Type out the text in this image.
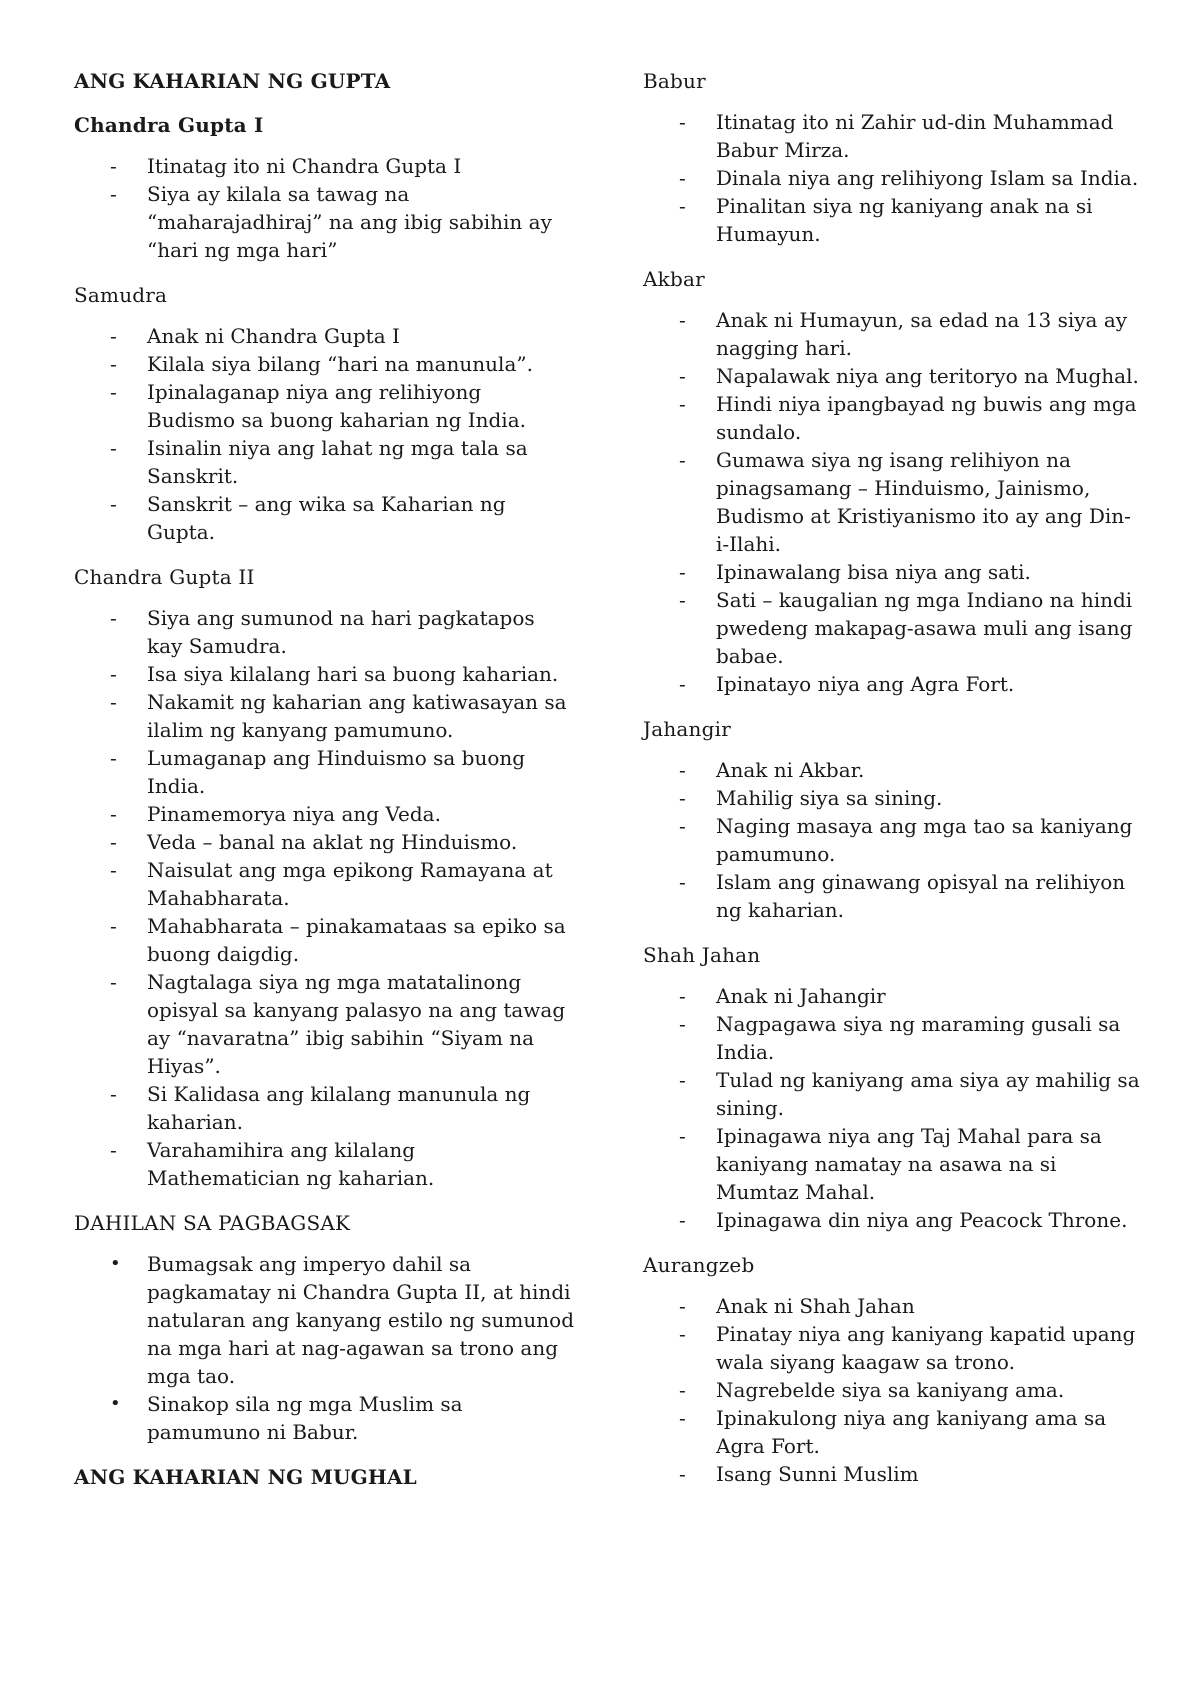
ANG KAHARIAN NG GUPTA
Chandra Gupta I
-	Itinatag ito ni Chandra Gupta I
-	Siya ay kilala sa tawag na “maharajadhiraj” na ang ibig sabihin ay “hari ng mga hari”
Samudra
-	Anak ni Chandra Gupta I
-	Kilala siya bilang “hari na manunula”.
-	Ipinalaganap niya ang relihiyong Budismo sa buong kaharian ng India.
-	Isinalin niya ang lahat ng mga tala sa Sanskrit.
-	Sanskrit – ang wika sa Kaharian ng Gupta.
Chandra Gupta II
-	Siya ang sumunod na hari pagkatapos kay Samudra.
-	Isa siya kilalang hari sa buong kaharian.
-	Nakamit ng kaharian ang katiwasayan sa ilalim ng kanyang pamumuno.
-	Lumaganap ang Hinduismo sa buong India.
-	Pinamemorya niya ang Veda.
-	Veda – banal na aklat ng Hinduismo.
-	Naisulat ang mga epikong Ramayana at Mahabharata.
-	Mahabharata – pinakamataas sa epiko sa buong daigdig.
-	Nagtalaga siya ng mga matatalinong opisyal sa kanyang palasyo na ang tawag ay “navaratna” ibig sabihin “Siyam na Hiyas”.
-	Si Kalidasa ang kilalang manunula ng kaharian.
-	Varahamihira ang kilalang Mathematician ng kaharian.
DAHILAN SA PAGBAGSAK
•	Bumagsak ang imperyo dahil sa pagkamatay ni Chandra Gupta II, at hindi natularan ang kanyang estilo ng sumunod na mga hari at nag-agawan sa trono ang mga tao.
•	Sinakop sila ng mga Muslim sa pamumuno ni Babur.
ANG KAHARIAN NG MUGHAL
Babur
-	Itinatag ito ni Zahir ud-din Muhammad Babur Mirza.
-	Dinala niya ang relihiyong Islam sa India.
-	Pinalitan siya ng kaniyang anak na si Humayun.
Akbar
-	Anak ni Humayun, sa edad na 13 siya ay nagging hari.
-	Napalawak niya ang teritoryo na Mughal.
-	Hindi niya ipangbayad ng buwis ang mga sundalo.
-	Gumawa siya ng isang relihiyon na pinagsamang – Hinduismo, Jainismo, Budismo at Kristiyanismo ito ay ang Din-i-Ilahi.
-	Ipinawalang bisa niya ang sati.
-	Sati – kaugalian ng mga Indiano na hindi pwedeng makapag-asawa muli ang isang babae.
-	Ipinatayo niya ang Agra Fort.
Jahangir
-	Anak ni Akbar.
-	Mahilig siya sa sining.
-	Naging masaya ang mga tao sa kaniyang pamumuno.
-	Islam ang ginawang opisyal na relihiyon ng kaharian.
Shah Jahan
-	Anak ni Jahangir
-	Nagpagawa siya ng maraming gusali sa India.
-	Tulad ng kaniyang ama siya ay mahilig sa sining.
-	Ipinagawa niya ang Taj Mahal para sa kaniyang namatay na asawa na si Mumtaz Mahal.
-	Ipinagawa din niya ang Peacock Throne.
Aurangzeb
-	Anak ni Shah Jahan
-	Pinatay niya ang kaniyang kapatid upang wala siyang kaagaw sa trono.
-	Nagrebelde siya sa kaniyang ama.
-	Ipinakulong niya ang kaniyang ama sa Agra Fort.
-	Isang Sunni Muslim
